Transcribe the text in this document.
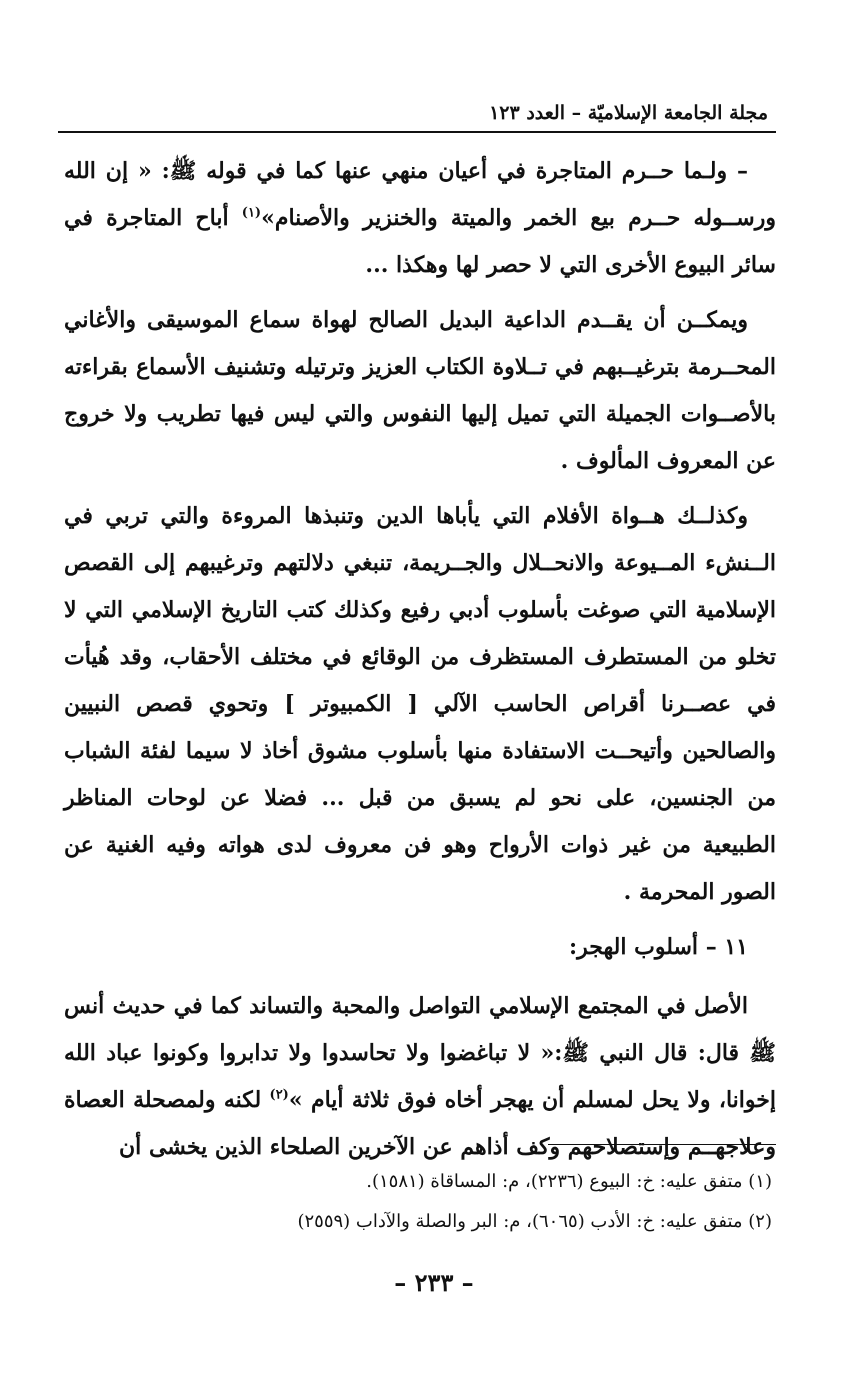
مجلة الجامعة الإسلاميّة – العدد ١٢٣

– ولـما حــرم المتاجرة في أعيان منهي عنها كما في قوله ﷺ: « إن الله ورســوله حــرم بيع الخمر والميتة والخنزير والأصنام»$^{(١)}$ أباح المتاجرة في سائر البيوع الأخرى التي لا حصر لها وهكذا ...

ويمكــن أن يقــدم الداعية البديل الصالح لهواة سماع الموسيقى والأغاني المحــرمة بترغيــبهم في تــلاوة الكتاب العزيز وترتيله وتشنيف الأسماع بقراءته بالأصــوات الجميلة التي تميل إليها النفوس والتي ليس فيها تطريب ولا خروج عن المعروف المألوف .

وكذلــك هــواة الأفلام التي يأباها الدين وتنبذها المروءة والتي تربي في الــنشء المــيوعة والانحــلال والجــريمة، تنبغي دلالتهم وترغيبهم إلى القصص الإسلامية التي صوغت بأسلوب أدبي رفيع وكذلك كتب التاريخ الإسلامي التي لا تخلو من المستطرف المستظرف من الوقائع في مختلف الأحقاب، وقد هُيأت في عصــرنا أقراص الحاسب الآلي [ الكمبيوتر ] وتحوي قصص النبيين والصالحين وأتيحــت الاستفادة منها بأسلوب مشوق أخاذ لا سيما لفئة الشباب من الجنسين، على نحو لم يسبق من قبل ... فضلا عن لوحات المناظر الطبيعية من غير ذوات الأرواح وهو فن معروف لدى هواته وفيه الغنية عن الصور المحرمة .

١١ – أسلوب الهجر:

الأصل في المجتمع الإسلامي التواصل والمحبة والتساند كما في حديث أنس ﷺ قال: قال النبي ﷺ:« لا تباغضوا ولا تحاسدوا ولا تدابروا وكونوا عباد الله إخوانا، ولا يحل لمسلم أن يهجر أخاه فوق ثلاثة أيام »$^{(٢)}$ لكنه ولمصحلة العصاة وعلاجهــم وإستصلاحهم وكف أذاهم عن الآخرين الصلحاء الذين يخشى أن

(١) متفق عليه: خ: البيوع (٢٢٣٦)، م: المساقاة (١٥٨١).
(٢) متفق عليه: خ: الأدب (٦٠٦٥)، م: البر والصلة والآداب (٢٥٥٩)
– ٢٣٣ –
